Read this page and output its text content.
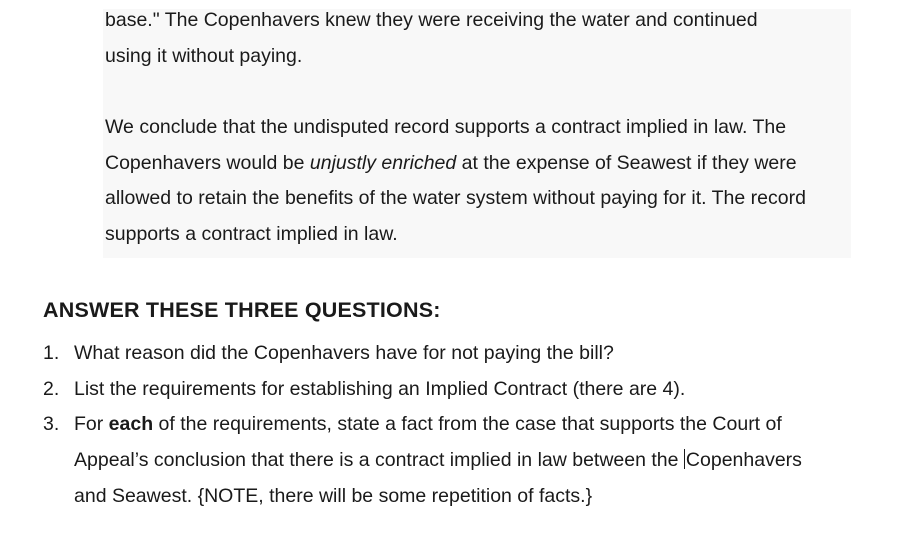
base." The Copenhavers knew they were receiving the water and continued
using it without paying.

We conclude that the undisputed record supports a contract implied in law. The
Copenhavers would be unjustly enriched at the expense of Seawest if they were
allowed to retain the benefits of the water system without paying for it. The record
supports a contract implied in law.

ANSWER THESE THREE QUESTIONS:
1. What reason did the Copenhavers have for not paying the bill?
2. List the requirements for establishing an Implied Contract (there are 4).
3. For each of the requirements, state a fact from the case that supports the Court of
Appeal’s conclusion that there is a contract implied in law between the Copenhavers
and Seawest. {NOTE, there will be some repetition of facts.}
